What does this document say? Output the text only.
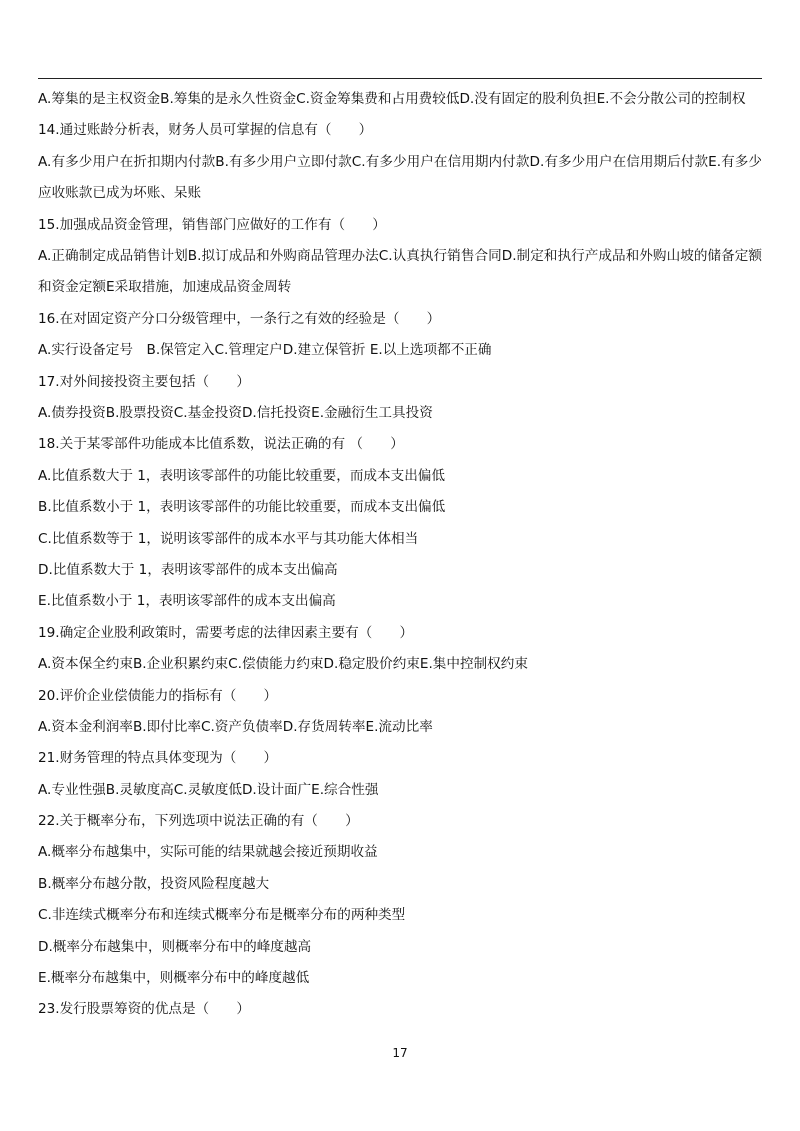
A.筹集的是主权资金B.筹集的是永久性资金C.资金筹集费和占用费较低D.没有固定的股利负担E.不会分散公司的控制权
14.通过账龄分析表，财务人员可掌握的信息有（　　）
A.有多少用户在折扣期内付款B.有多少用户立即付款C.有多少用户在信用期内付款D.有多少用户在信用期后付款E.有多少应收账款已成为坏账、呆账
15.加强成品资金管理，销售部门应做好的工作有（　　）
A.正确制定成品销售计划B.拟订成品和外购商品管理办法C.认真执行销售合同D.制定和执行产成品和外购山坡的储备定额和资金定额E采取措施，加速成品资金周转
16.在对固定资产分口分级管理中，一条行之有效的经验是（　　）
A.实行设备定号　B.保管定入C.管理定户D.建立保管折 E.以上选项都不正确
17.对外间接投资主要包括（　　）
A.债券投资B.股票投资C.基金投资D.信托投资E.金融衍生工具投资
18.关于某零部件功能成本比值系数，说法正确的有 （　　）
A.比值系数大于 1，表明该零部件的功能比较重要，而成本支出偏低
B.比值系数小于 1，表明该零部件的功能比较重要，而成本支出偏低
C.比值系数等于 1，说明该零部件的成本水平与其功能大体相当
D.比值系数大于 1，表明该零部件的成本支出偏高
E.比值系数小于 1，表明该零部件的成本支出偏高
19.确定企业股利政策时，需要考虑的法律因素主要有（　　）
A.资本保全约束B.企业积累约束C.偿债能力约束D.稳定股价约束E.集中控制权约束
20.评价企业偿债能力的指标有（　　）
A.资本金利润率B.即付比率C.资产负债率D.存货周转率E.流动比率
21.财务管理的特点具体变现为（　　）
A.专业性强B.灵敏度高C.灵敏度低D.设计面广E.综合性强
22.关于概率分布，下列选项中说法正确的有（　　）
A.概率分布越集中，实际可能的结果就越会接近预期收益
B.概率分布越分散，投资风险程度越大
C.非连续式概率分布和连续式概率分布是概率分布的两种类型
D.概率分布越集中，则概率分布中的峰度越高
E.概率分布越集中，则概率分布中的峰度越低
23.发行股票筹资的优点是（　　）
17
